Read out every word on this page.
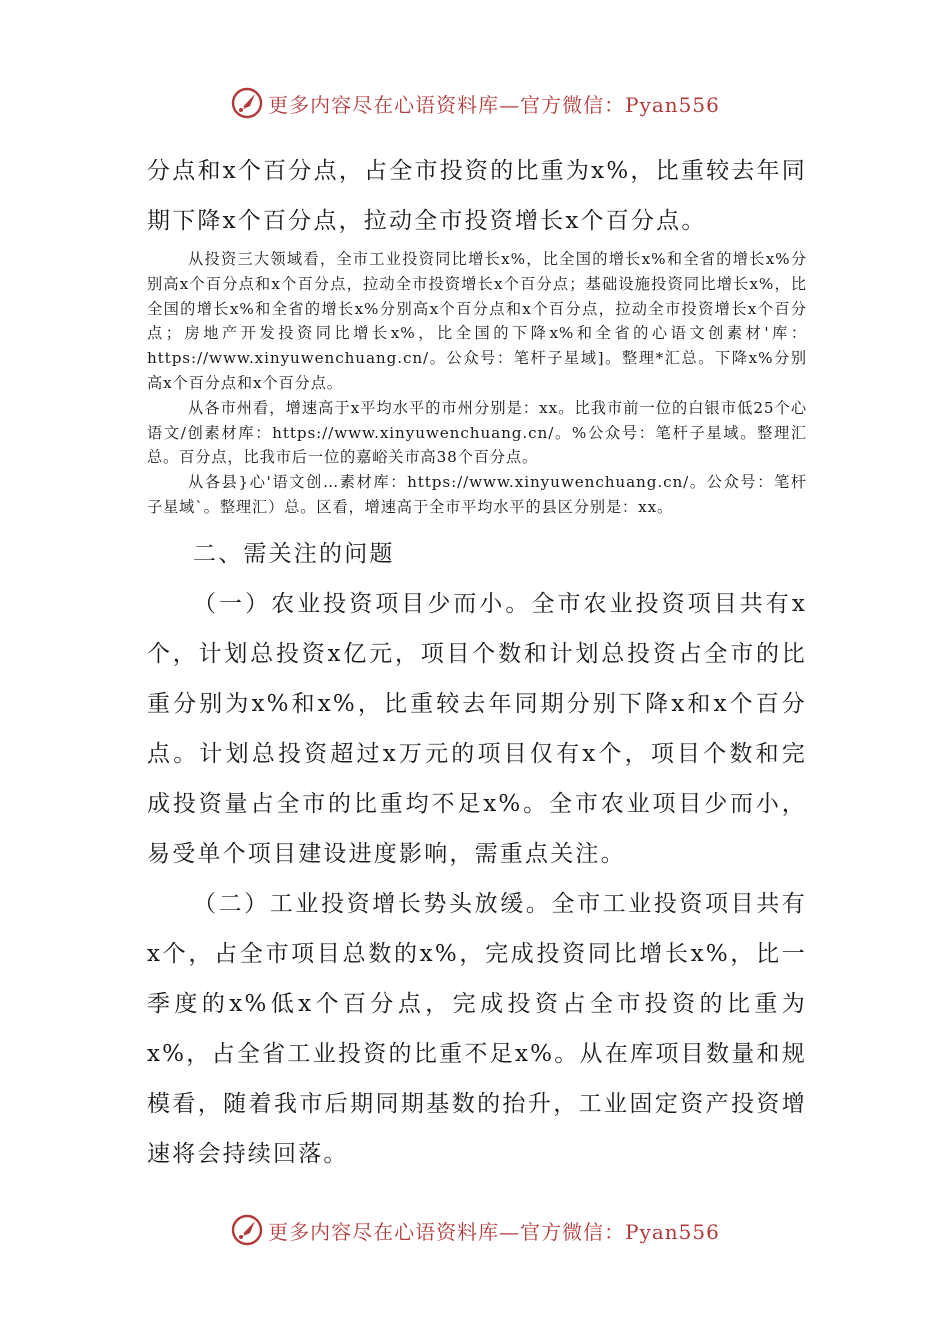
更多内容尽在心语资料库—官方微信：Pyan556

分点和x个百分点，占全市投资的比重为x%，比重较去年同期下降x个百分点，拉动全市投资增长x个百分点。

从投资三大领域看，全市工业投资同比增长x%，比全国的增长x%和全省的增长x%分别高x个百分点和x个百分点，拉动全市投资增长x个百分点；基础设施投资同比增长x%，比全国的增长x%和全省的增长x%分别高x个百分点和x个百分点，拉动全市投资增长x个百分点；房地产开发投资同比增长x%，比全国的下降x%和全省的心语文创素材'库：https://www.xinyuwenchuang.cn/。公众号：笔杆子星域]。整理*汇总。下降x%分别高x个百分点和x个百分点。

从各市州看，增速高于x平均水平的市州分别是：xx。比我市前一位的白银市低25个心语文/创素材库：https://www.xinyuwenchuang.cn/。%公众号：笔杆子星域。整理汇总。百分点，比我市后一位的嘉峪关市高38个百分点。

从各县}心'语文创…素材库：https://www.xinyuwenchuang.cn/。公众号：笔杆子星域`。整理汇）总。区看，增速高于全市平均水平的县区分别是：xx。

二、需关注的问题

（一）农业投资项目少而小。全市农业投资项目共有x个，计划总投资x亿元，项目个数和计划总投资占全市的比重分别为x%和x%，比重较去年同期分别下降x和x个百分点。计划总投资超过x万元的项目仅有x个，项目个数和完成投资量占全市的比重均不足x%。全市农业项目少而小，易受单个项目建设进度影响，需重点关注。

（二）工业投资增长势头放缓。全市工业投资项目共有x个，占全市项目总数的x%，完成投资同比增长x%，比一季度的x%低x个百分点，完成投资占全市投资的比重为x%，占全省工业投资的比重不足x%。从在库项目数量和规模看，随着我市后期同期基数的抬升，工业固定资产投资增速将会持续回落。

更多内容尽在心语资料库—官方微信：Pyan556
